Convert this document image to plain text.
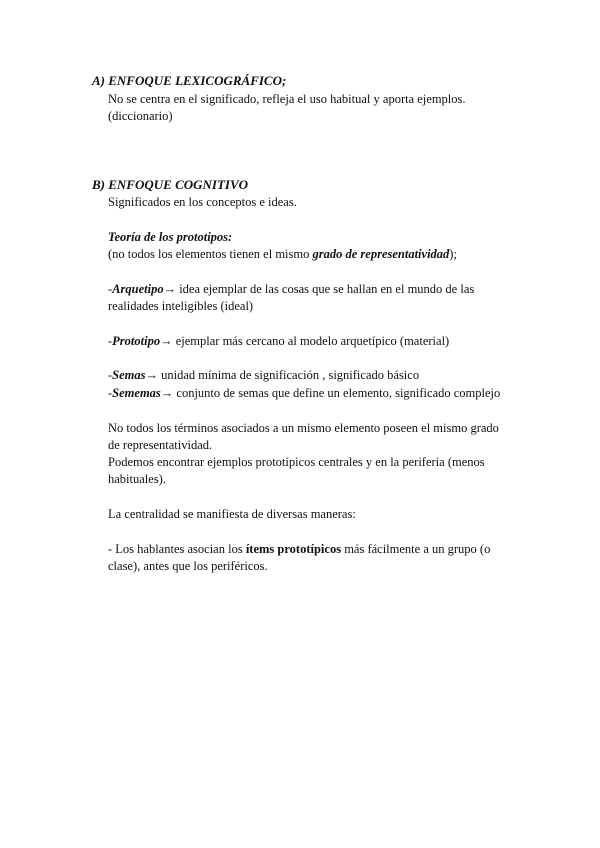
A) ENFOQUE LEXICOGRÁFICO;
No se centra en el significado, refleja el uso habitual y aporta ejemplos.
(diccionario)
B) ENFOQUE COGNITIVO
Significados en los conceptos e ideas.
Teoría de los prototipos:
(no todos los elementos tienen el mismo grado de representatividad);
-Arquetipo→ idea ejemplar de las cosas que se hallan en el mundo de las
realidades inteligibles (ideal)
-Prototipo→ ejemplar más cercano al modelo arquetípico (material)
-Semas→ unidad mínima de significación , significado básico
-Sememas→ conjunto de semas que define un elemento, significado complejo
No todos los términos asociados a un mismo elemento poseen el mismo grado
de representatividad.
Podemos encontrar ejemplos prototípicos centrales y en la periferia (menos
habituales).
La centralidad se manifiesta de diversas maneras:
- Los hablantes asocian los ítems prototípicos más fácilmente a un grupo (o
clase), antes que los periféricos.
